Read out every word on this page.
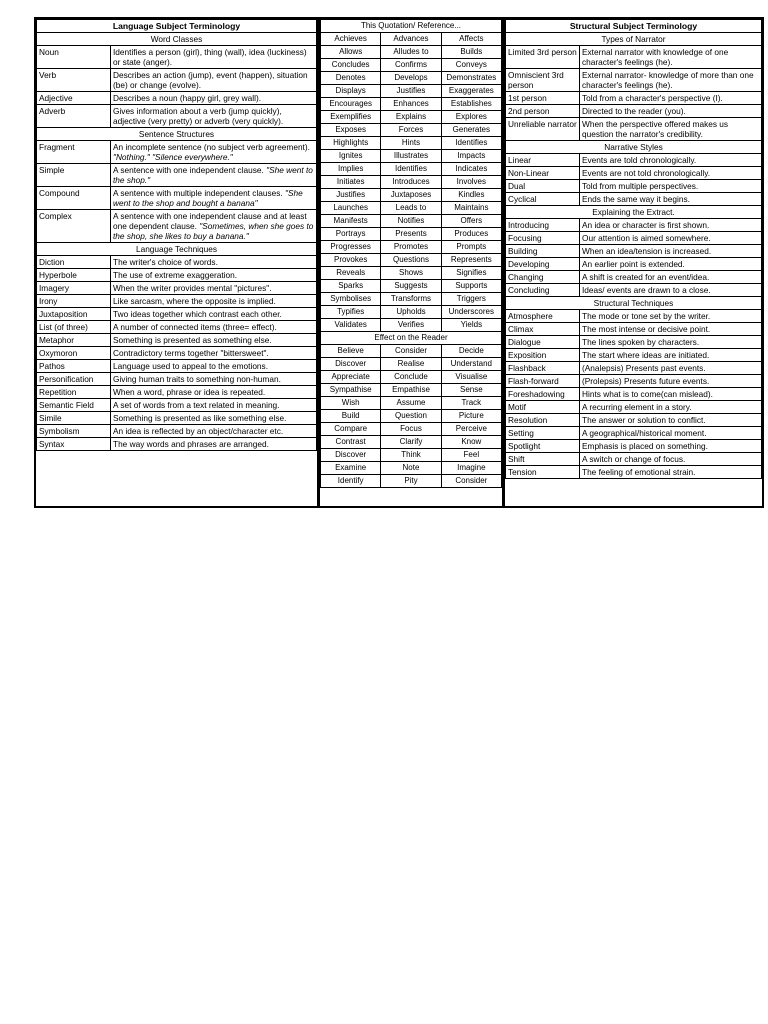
Language Subject Terminology	
Word Classes	
Noun	Identifies a person (girl), thing (wall), idea (luckiness) or state (anger).
Verb	Describes an action (jump), event (happen), situation (be) or change (evolve).
Adjective	Describes a noun (happy girl, grey wall).
Adverb	Gives information about a verb (jump quickly), adjective (very pretty) or adverb (very quickly).
Sentence Structures	
Fragment	An incomplete sentence (no subject verb agreement). "Nothing." "Silence everywhere."
Simple	A sentence with one independent clause. "She went to the shop."
Compound	A sentence with multiple independent clauses. "She went to the shop and bought a banana"
Complex	A sentence with one independent clause and at least one dependent clause. "Sometimes, when she goes to the shop, she likes to buy a banana."
Language Techniques	
Diction	The writer's choice of words.
Hyperbole	The use of extreme exaggeration.
Imagery	When the writer provides mental "pictures".
Irony	Like sarcasm, where the opposite is implied.
Juxtaposition	Two ideas together which contrast each other.
List (of three)	A number of connected items (three= effect).
Metaphor	Something is presented as something else.
Oxymoron	Contradictory terms together "bittersweet".
Pathos	Language used to appeal to the emotions.
Personification	Giving human traits to something non-human.
Repetition	When a word, phrase or idea is repeated.
Semantic Field	A set of words from a text related in meaning.
Simile	Something is presented as like something else.
Symbolism	An idea is reflected by an object/character etc.
Syntax	The way words and phrases are arranged.
This Quotation/ Reference...		
Achieves	Advances	Affects
Allows	Alludes to	Builds
Concludes	Confirms	Conveys
Denotes	Develops	Demonstrates
Displays	Justifies	Exaggerates
Encourages	Enhances	Establishes
Exemplifies	Explains	Explores
Exposes	Forces	Generates
Highlights	Hints	Identifies
Ignites	Illustrates	Impacts
Implies	Identifies	Indicates
Initiates	Introduces	Involves
Justifies	Juxtaposes	Kindles
Launches	Leads to	Maintains
Manifests	Notifies	Offers
Portrays	Presents	Produces
Progresses	Promotes	Prompts
Provokes	Questions	Represents
Reveals	Shows	Signifies
Sparks	Suggests	Supports
Symbolises	Transforms	Triggers
Typifies	Upholds	Underscores
Validates	Verifies	Yields
Effect on the Reader		
Believe	Consider	Decide
Discover	Realise	Understand
Appreciate	Conclude	Visualise
Sympathise	Empathise	Sense
Wish	Assume	Track
Build	Question	Picture
Compare	Focus	Perceive
Contrast	Clarify	Know
Discover	Think	Feel
Examine	Note	Imagine
Identify	Pity	Consider
Structural Subject Terminology	
Types of Narrator	
Limited 3rd person	External narrator with knowledge of one character's feelings (he).
Omniscient 3rd person	External narrator- knowledge of more than one character's feelings (he).
1st person	Told from a character's perspective (I).
2nd person	Directed to the reader (you).
Unreliable narrator	When the perspective offered makes us question the narrator's credibility.
Narrative Styles	
Linear	Events are told chronologically.
Non-Linear	Events are not told chronologically.
Dual	Told from multiple perspectives.
Cyclical	Ends the same way it begins.
Explaining the Extract.	
Introducing	An idea or character is first shown.
Focusing	Our attention is aimed somewhere.
Building	When an idea/tension is increased.
Developing	An earlier point is extended.
Changing	A shift is created for an event/idea.
Concluding	Ideas/ events are drawn to a close.
Structural Techniques	
Atmosphere	The mode or tone set by the writer.
Climax	The most intense or decisive point.
Dialogue	The lines spoken by characters.
Exposition	The start where ideas are initiated.
Flashback	(Analepsis) Presents past events.
Flash-forward	(Prolepsis) Presents future events.
Foreshadowing	Hints what is to come(can mislead).
Motif	A recurring element in a story.
Resolution	The answer or solution to conflict.
Setting	A geographical/historical moment.
Spotlight	Emphasis is placed on something.
Shift	A switch or change of focus.
Tension	The feeling of emotional strain.
